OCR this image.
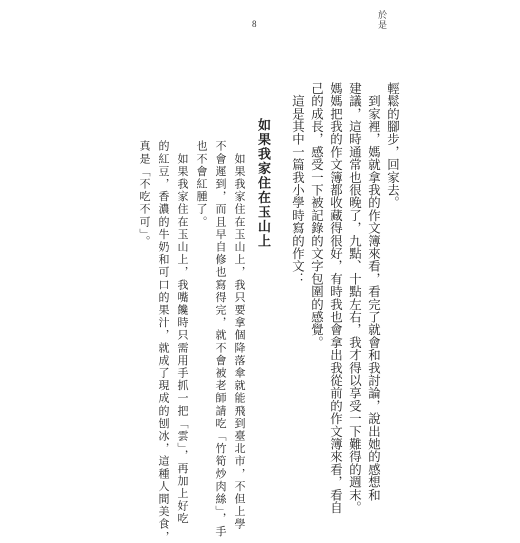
8	於是
輕鬆的腳步，回家去。
　到家裡，媽就拿我的作文簿來看，看完了就會和我討論，說出她的感想和
建議，這時通常也很晚了，九點、十點左右，我才得以享受一下難得的週末。
媽媽把我的作文簿都收藏得很好，有時我也會拿出我從前的作文簿來看，看自
己的成長，感受一下被記錄的文字包圍的感覺。
　這是其中一篇我小學時寫的作文：
如果我家住在玉山上
　如果我家住在玉山上，我只要拿個降落傘就能飛到臺北市，不但上學
不會遲到，而且早自修也寫得完，就不會被老師請吃「竹筍炒肉絲」，手
也不會紅腫了。
　如果我家住在玉山上，我嘴饞時只需用手抓一把「雲」，再加上好吃
的紅豆，香濃的牛奶和可口的果汁，就成了現成的刨冰，這種人間美食，
真是「不吃不可」。
